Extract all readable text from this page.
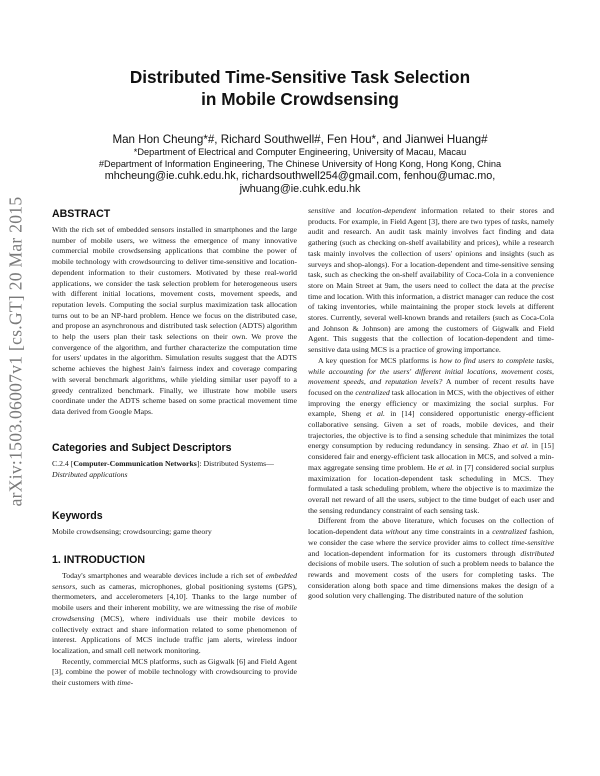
arXiv:1503.06007v1 [cs.GT] 20 Mar 2015
Distributed Time-Sensitive Task Selection
in Mobile Crowdsensing
Man Hon Cheung*#, Richard Southwell#, Fen Hou*, and Jianwei Huang#
*Department of Electrical and Computer Engineering, University of Macau, Macau
#Department of Information Engineering, The Chinese University of Hong Kong, Hong Kong, China
mhcheung@ie.cuhk.edu.hk, richardsouthwell254@gmail.com, fenhou@umac.mo,
jwhuang@ie.cuhk.edu.hk
ABSTRACT

With the rich set of embedded sensors installed in smartphones and the large number of mobile users, we witness the emergence of many innovative commercial mobile crowdsensing applications that combine the power of mobile technology with crowdsourcing to deliver time-sensitive and location-dependent information to their customers. Motivated by these real-world applications, we consider the task selection problem for heterogeneous users with different initial locations, movement costs, movement speeds, and reputation levels. Computing the social surplus maximization task allocation turns out to be an NP-hard problem. Hence we focus on the distributed case, and propose an asynchronous and distributed task selection (ADTS) algorithm to help the users plan their task selections on their own. We prove the convergence of the algorithm, and further characterize the computation time for users' updates in the algorithm. Simulation results suggest that the ADTS scheme achieves the highest Jain's fairness index and coverage comparing with several benchmark algorithms, while yielding similar user payoff to a greedy centralized benchmark. Finally, we illustrate how mobile users coordinate under the ADTS scheme based on some practical movement time data derived from Google Maps.

Categories and Subject Descriptors

C.2.4 [Computer-Communication Networks]: Distributed Systems—Distributed applications

Keywords

Mobile crowdsensing; crowdsourcing; game theory

1. INTRODUCTION

Today's smartphones and wearable devices include a rich set of embedded sensors, such as cameras, microphones, global positioning systems (GPS), thermometers, and accelerometers [4,10]. Thanks to the large number of mobile users and their inherent mobility, we are witnessing the rise of mobile crowdsensing (MCS), where individuals use their mobile devices to collectively extract and share information related to some phenomenon of interest. Applications of MCS include traffic jam alerts, wireless indoor localization, and small cell network monitoring.

Recently, commercial MCS platforms, such as Gigwalk [6] and Field Agent [3], combine the power of mobile technology with crowdsourcing to provide their customers with time-

sensitive and location-dependent information related to their stores and products. For example, in Field Agent [3], there are two types of tasks, namely audit and research. An audit task mainly involves fact finding and data gathering (such as checking on-shelf availability and prices), while a research task mainly involves the collection of users' opinions and insights (such as surveys and shop-alongs). For a location-dependent and time-sensitive sensing task, such as checking the on-shelf availability of Coca-Cola in a convenience store on Main Street at 9am, the users need to collect the data at the precise time and location. With this information, a district manager can reduce the cost of taking inventories, while maintaining the proper stock levels at different stores. Currently, several well-known brands and retailers (such as Coca-Cola and Johnson & Johnson) are among the customers of Gigwalk and Field Agent. This suggests that the collection of location-dependent and time-sensitive data using MCS is a practice of growing importance.

A key question for MCS platforms is how to find users to complete tasks, while accounting for the users' different initial locations, movement costs, movement speeds, and reputation levels? A number of recent results have focused on the centralized task allocation in MCS, with the objectives of either improving the energy efficiency or maximizing the social surplus. For example, Sheng et al. in [14] considered opportunistic energy-efficient collaborative sensing. Given a set of roads, mobile devices, and their trajectories, the objective is to find a sensing schedule that minimizes the total energy consumption by reducing redundancy in sensing. Zhao et al. in [15] considered fair and energy-efficient task allocation in MCS, and solved a min-max aggregate sensing time problem. He et al. in [7] considered social surplus maximization for location-dependent task scheduling in MCS. They formulated a task scheduling problem, where the objective is to maximize the overall net reward of all the users, subject to the time budget of each user and the sensing redundancy constraint of each sensing task.

Different from the above literature, which focuses on the collection of location-dependent data without any time constraints in a centralized fashion, we consider the case where the service provider aims to collect time-sensitive and location-dependent information for its customers through distributed decisions of mobile users. The solution of such a problem needs to balance the rewards and movement costs of the users for completing tasks. The consideration along both space and time dimensions makes the design of a good solution very challenging. The distributed nature of the solution
